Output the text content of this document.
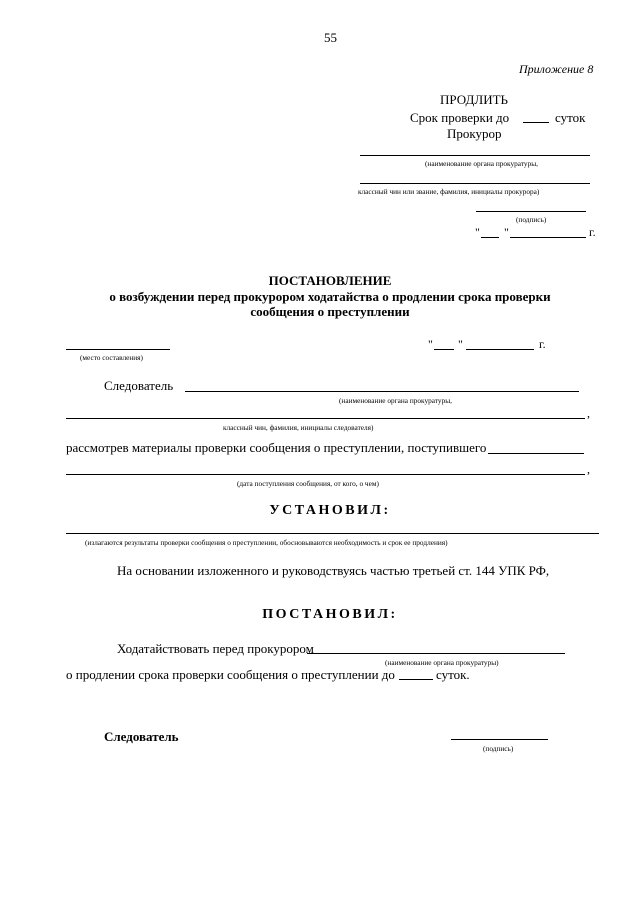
55
Приложение 8
ПРОДЛИТЬ
Срок проверки до	суток
Прокурор
(наименование органа прокуратуры,
классный чин или звание, фамилия, инициалы прокурора)
(подпись)
" "	г.
ПОСТАНОВЛЕНИЕ
о возбуждении перед прокурором ходатайства о продлении срока проверки
сообщения о преступлении
(место составления)
" "	г.
Следователь
(наименование органа прокуратуры,
,
классный чин, фамилия, инициалы следователя)
рассмотрев материалы проверки сообщения о преступлении, поступившего
,
(дата поступления сообщения, от кого, о чем)
УСТАНОВИЛ:
(излагаются результаты проверки сообщения о преступлении, обосновываются необходимость и срок ее продления)
На основании изложенного и руководствуясь частью третьей ст. 144 УПК РФ,
ПОСТАНОВИЛ:
Ходатайствовать перед прокурором
(наименование органа прокуратуры)
о продлении срока проверки сообщения о преступлении до	суток.
Следователь
(подпись)
